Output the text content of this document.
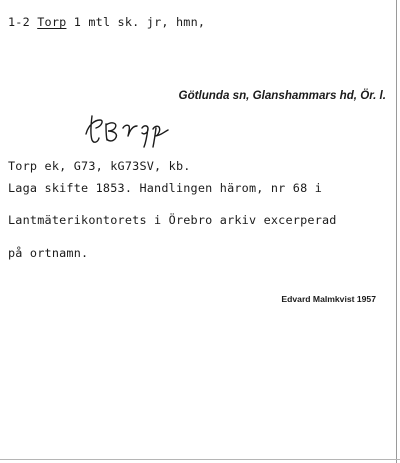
1-2 Torp 1 mtl sk. jr, hmn,
Götlunda sn, Glanshammars hd, Ör. l.
Torp ek, G73, kG73SV, kb.
Laga skifte 1853. Handlingen härom, nr 68 i
Lantmäterikontorets i Örebro arkiv excerperad
på ortnamn.
Edvard Malmkvist 1957
